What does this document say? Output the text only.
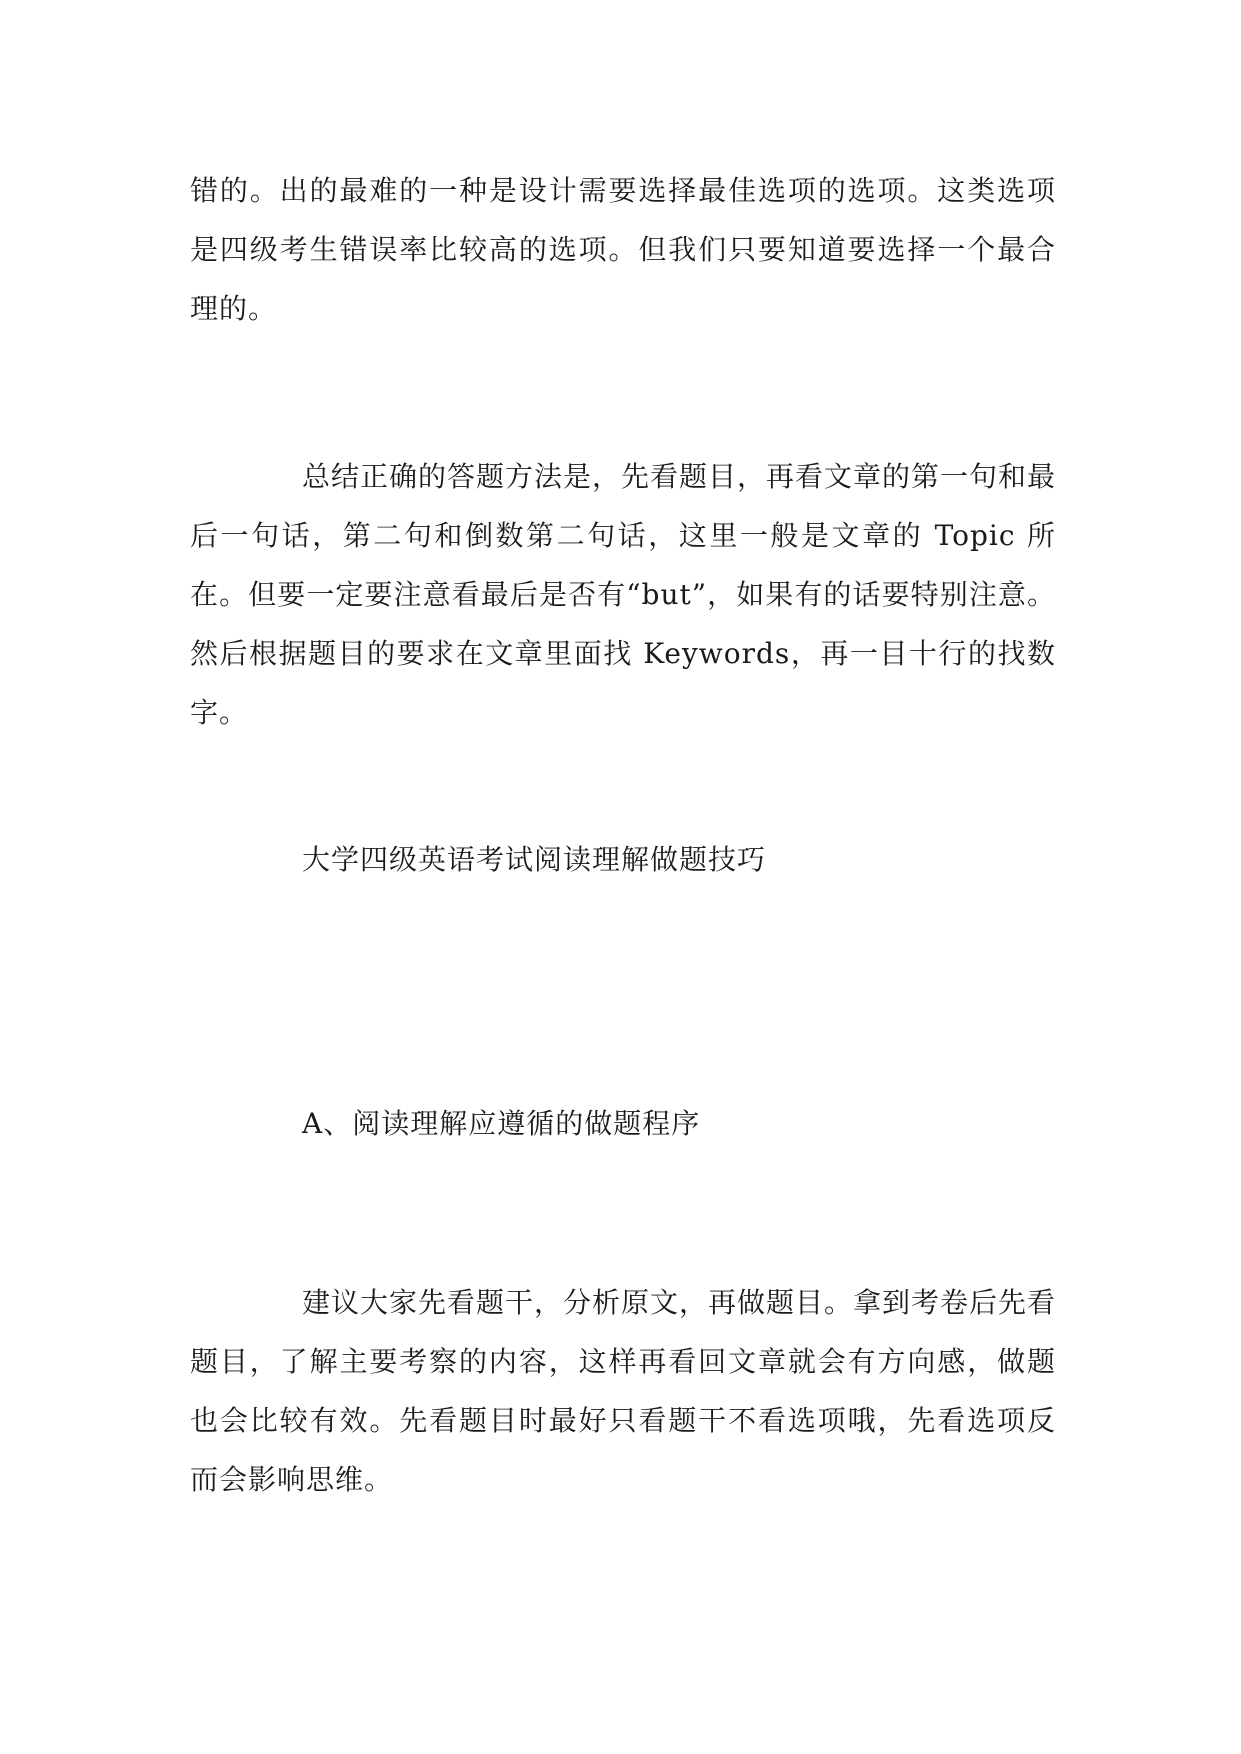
错的。出的最难的一种是设计需要选择最佳选项的选项。这类选项是四级考生错误率比较高的选项。但我们只要知道要选择一个最合理的。

总结正确的答题方法是，先看题目，再看文章的第一句和最后一句话，第二句和倒数第二句话，这里一般是文章的 Topic 所在。但要一定要注意看最后是否有“but”，如果有的话要特别注意。然后根据题目的要求在文章里面找 Keywords，再一目十行的找数字。

大学四级英语考试阅读理解做题技巧

A、阅读理解应遵循的做题程序

建议大家先看题干，分析原文，再做题目。拿到考卷后先看题目，了解主要考察的内容，这样再看回文章就会有方向感，做题也会比较有效。先看题目时最好只看题干不看选项哦，先看选项反而会影响思维。
